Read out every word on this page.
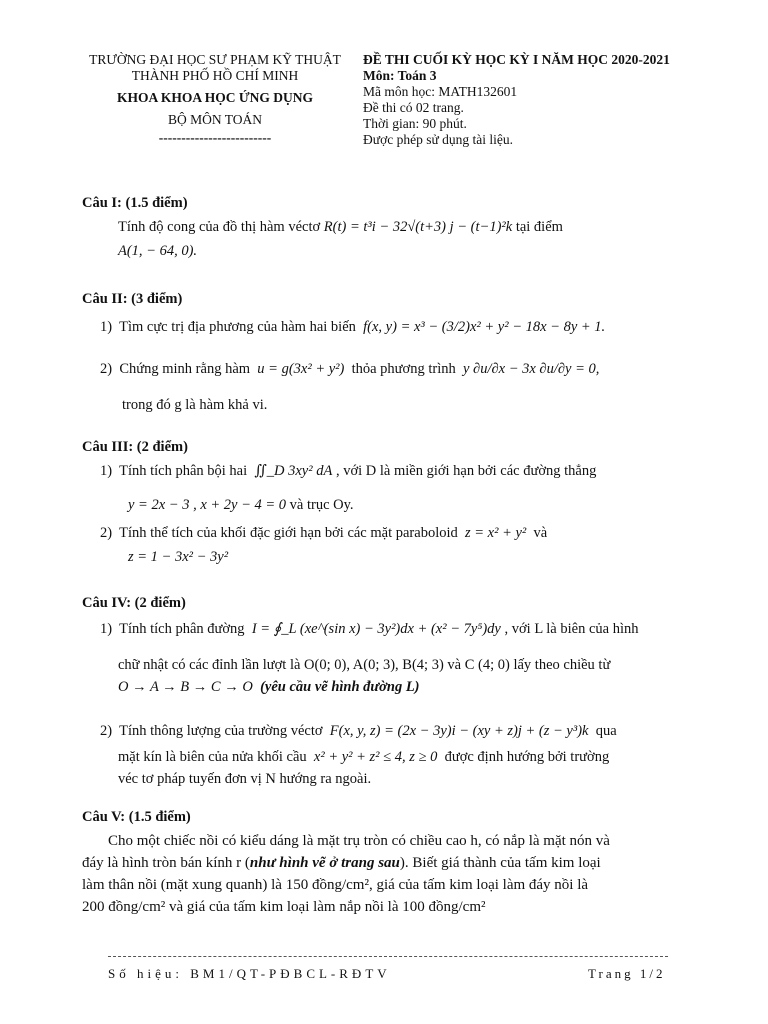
TRƯỜNG ĐẠI HỌC SƯ PHẠM KỸ THUẬT
THÀNH PHỐ HỒ CHÍ MINH
KHOA KHOA HỌC ỨNG DỤNG
BỘ MÔN TOÁN
-------------------------
ĐỀ THI CUỐI KỲ HỌC KỲ I NĂM HỌC 2020-2021
Môn: Toán 3
Mã môn học: MATH132601
Đề thi có 02 trang.
Thời gian: 90 phút.
Được phép sử dụng tài liệu.
Câu I: (1.5 điểm)
Tính độ cong của đồ thị hàm véctơ R(t) = t³i − 32√(t+3) j − (t−1)²k tại điểm
A(1, − 64, 0).
Câu II: (3 điểm)
1) Tìm cực trị địa phương của hàm hai biến f(x, y) = x³ − (3/2)x² + y² − 18x − 8y + 1.
2) Chứng minh rằng hàm u = g(3x² + y²) thỏa phương trình y ∂u/∂x − 3x ∂u/∂y = 0,
trong đó g là hàm khả vi.
Câu III: (2 điểm)
1) Tính tích phân bội hai ∬_D 3xy² dA , với D là miền giới hạn bởi các đường thẳng
y = 2x − 3 , x + 2y − 4 = 0 và trục Oy.
2) Tính thể tích của khối đặc giới hạn bởi các mặt paraboloid z = x² + y² và
z = 1 − 3x² − 3y²
Câu IV: (2 điểm)
1) Tính tích phân đường I = ∮_L (xe^(sin x) − 3y²)dx + (x² − 7y⁵)dy , với L là biên của hình
chữ nhật có các đỉnh lần lượt là O(0; 0), A(0; 3), B(4; 3) và C (4; 0) lấy theo chiều từ
O → A → B → C → O (yêu cầu vẽ hình đường L)
2) Tính thông lượng của trường véctơ F(x, y, z) = (2x − 3y)i − (xy + z)j + (z − y³)k qua
mặt kín là biên của nửa khối cầu x² + y² + z² ≤ 4, z ≥ 0 được định hướng bởi trường
véc tơ pháp tuyến đơn vị N hướng ra ngoài.
Câu V: (1.5 điểm)
Cho một chiếc nồi có kiểu dáng là mặt trụ tròn có chiều cao h, có nắp là mặt nón và
đáy là hình tròn bán kính r (như hình vẽ ở trang sau). Biết giá thành của tấm kim loại
làm thân nồi (mặt xung quanh) là 150 đồng/cm², giá của tấm kim loại làm đáy nồi là
200 đồng/cm² và giá của tấm kim loại làm nắp nồi là 100 đồng/cm²
Số hiệu: BM1/QT-PĐBCL-RĐTV	Trang 1/2
